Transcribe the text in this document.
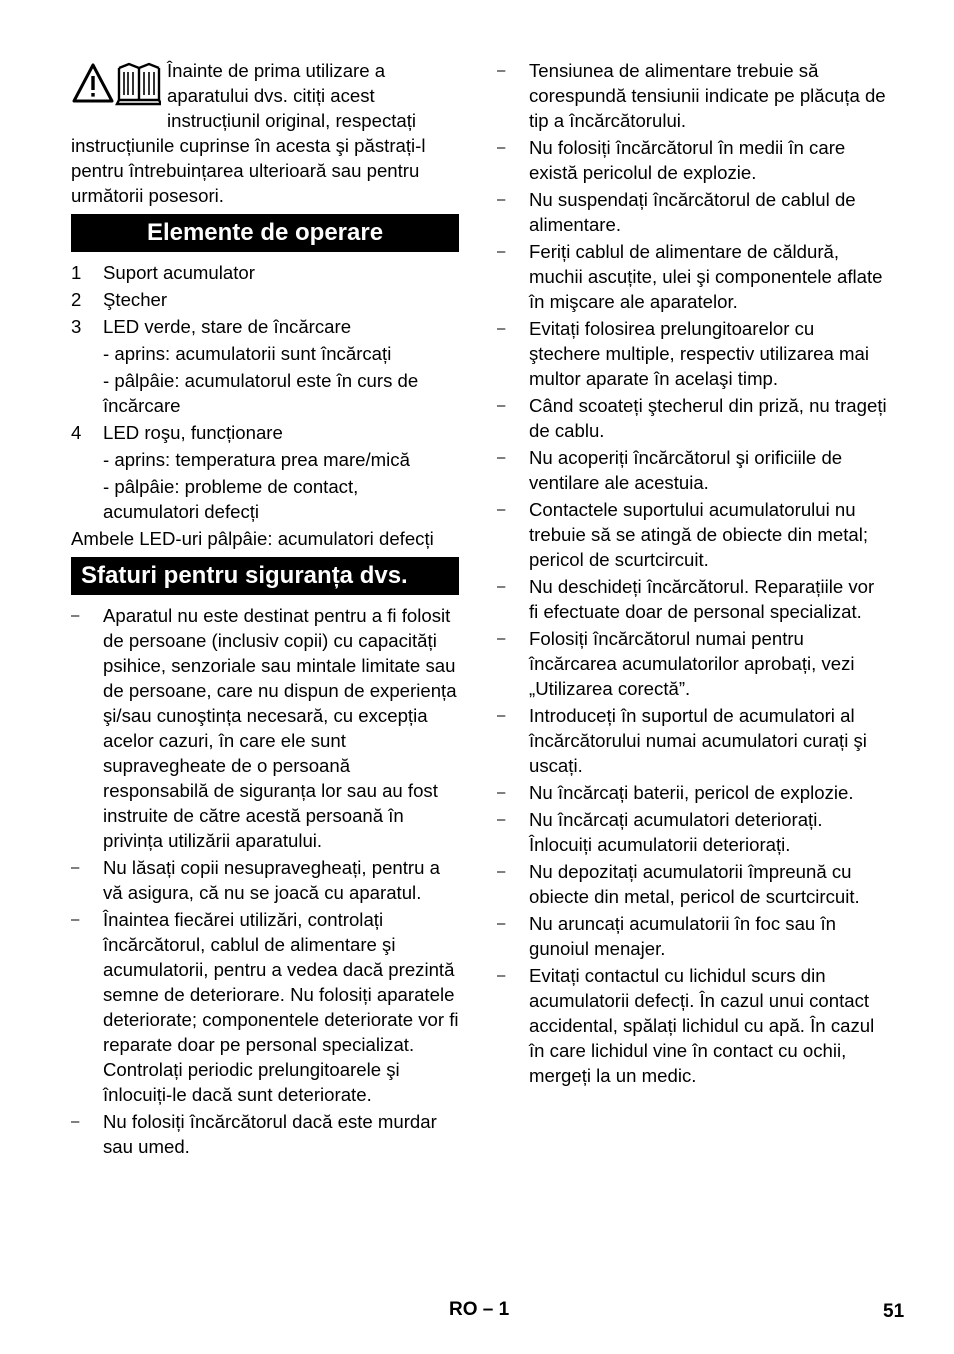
Înainte de prima utilizare a aparatului dvs. citiți acest instrucțiunil original, respectați instrucțiunile cuprinse în acesta şi păstrați-l pentru întrebuințarea ulterioară sau pentru următorii posesori.
Elemente de operare
1	Suport acumulator
2	Ştecher
3	LED verde, stare de încărcare
- aprins: acumulatorii sunt încărcați
- pâlpâie: acumulatorul este în curs de încărcare
4	LED roşu, funcționare
- aprins: temperatura prea mare/mică
- pâlpâie: probleme de contact, acumulatori defecți

Ambele LED-uri pâlpâie: acumulatori defecți

Sfaturi pentru siguranța dvs.
–	Aparatul nu este destinat pentru a fi folosit de persoane (inclusiv copii) cu capacități psihice, senzoriale sau mintale limitate sau de persoane, care nu dispun de experiența şi/sau cunoştința necesară, cu excepția acelor cazuri, în care ele sunt supravegheate de o persoană responsabilă de siguranța lor sau au fost instruite de către acestă persoană în privința utilizării aparatului.
–	Nu lăsați copii nesupravegheați, pentru a vă asigura, că nu se joacă cu aparatul.
–	Înaintea fiecărei utilizări, controlați încărcătorul, cablul de alimentare şi acumulatorii, pentru a vedea dacă prezintă semne de deteriorare. Nu folosiți aparatele deteriorate; componentele deteriorate vor fi reparate doar pe personal specializat. Controlați periodic prelungitoarele şi înlocuiți-le dacă sunt deteriorate.
–	Nu folosiți încărcătorul dacă este murdar sau umed.
–	Tensiunea de alimentare trebuie să corespundă tensiunii indicate pe plăcuța de tip a încărcătorului.
–	Nu folosiți încărcătorul în medii în care există pericolul de explozie.
–	Nu suspendați încărcătorul de cablul de alimentare.
–	Feriți cablul de alimentare de căldură, muchii ascuțite, ulei şi componentele aflate în mişcare ale aparatelor.
–	Evitați folosirea prelungitoarelor cu ştechere multiple, respectiv utilizarea mai multor aparate în acelaşi timp.
–	Când scoateți ştecherul din priză, nu trageți de cablu.
–	Nu acoperiți încărcătorul şi orificiile de ventilare ale acestuia.
–	Contactele suportului acumulatorului nu trebuie să se atingă de obiecte din metal; pericol de scurtcircuit.
–	Nu deschideți încărcătorul. Reparațiile vor fi efectuate doar de personal specializat.
–	Folosiți încărcătorul numai pentru încărcarea acumulatorilor aprobați, vezi „Utilizarea corectă”.
–	Introduceți în suportul de acumulatori al încărcătorului numai acumulatori curați şi uscați.
–	Nu încărcați baterii, pericol de explozie.
–	Nu încărcați acumulatori deteriorați. Înlocuiți acumulatorii deteriorați.
–	Nu depozitați acumulatorii împreună cu obiecte din metal, pericol de scurtcircuit.
–	Nu aruncați acumulatorii în foc sau în gunoiul menajer.
–	Evitați contactul cu lichidul scurs din acumulatorii defecți. În cazul unui contact accidental, spălați lichidul cu apă. În cazul în care lichidul vine în contact cu ochii, mergeți la un medic.
RO – 1	51
